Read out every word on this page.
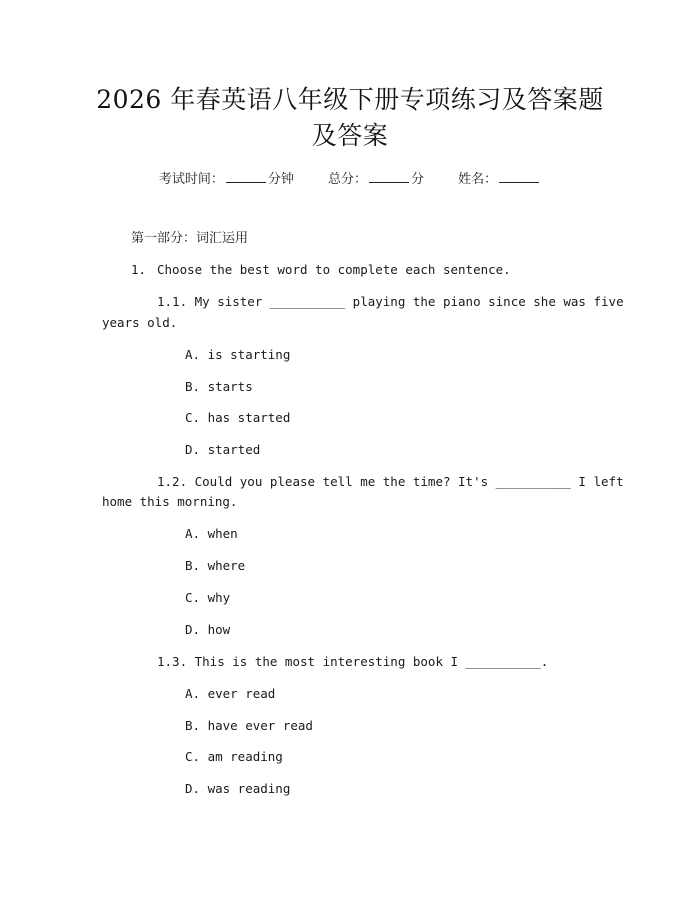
2026 年春英语八年级下册专项练习及答案题
及答案
考试时间：	分钟	总分：	分	姓名：
第一部分：词汇运用
1. Choose the best word to complete each sentence.
1.1. My sister __________ playing the piano since she was five
years old.
A. is starting
B. starts
C. has started
D. started
1.2. Could you please tell me the time? It's __________ I left
home this morning.
A. when
B. where
C. why
D. how
1.3. This is the most interesting book I __________.
A. ever read
B. have ever read
C. am reading
D. was reading
